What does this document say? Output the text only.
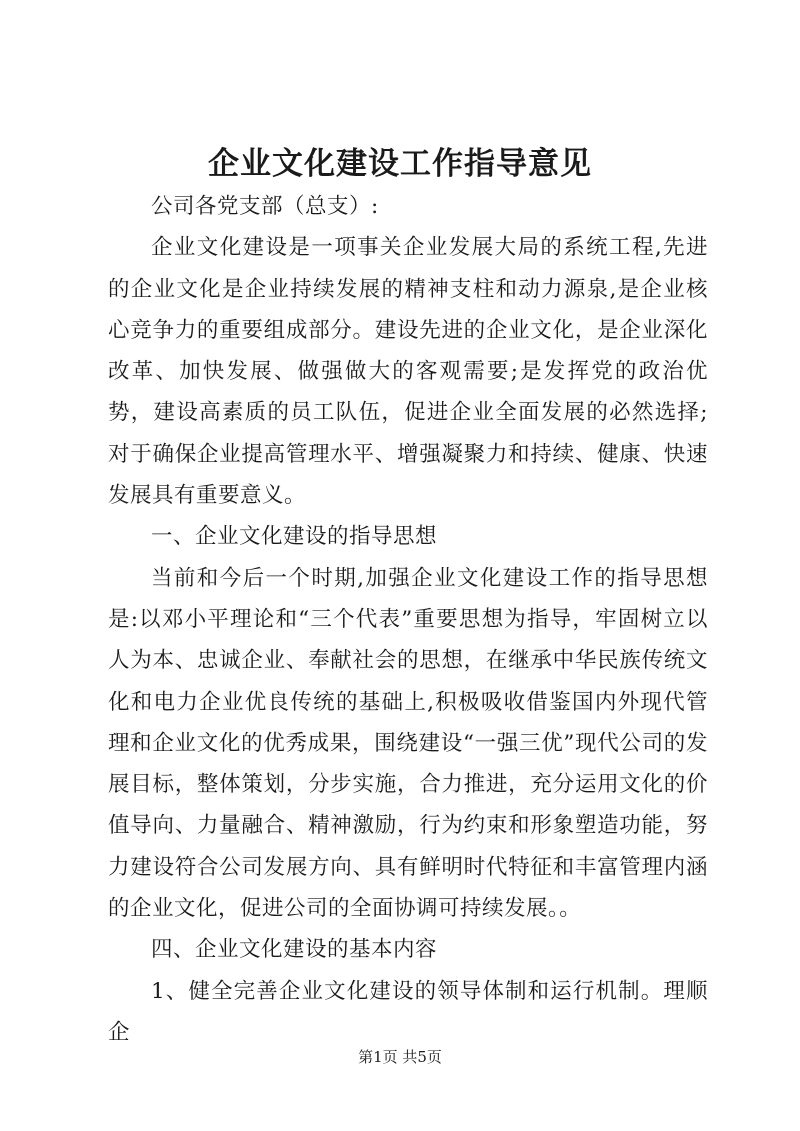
企业文化建设工作指导意见

公司各党支部（总支）:

企业文化建设是一项事关企业发展大局的系统工程,先进的企业文化是企业持续发展的精神支柱和动力源泉,是企业核心竞争力的重要组成部分。建设先进的企业文化，是企业深化改革、加快发展、做强做大的客观需要;是发挥党的政治优势，建设高素质的员工队伍，促进企业全面发展的必然选择;对于确保企业提高管理水平、增强凝聚力和持续、健康、快速发展具有重要意义。

一、企业文化建设的指导思想

当前和今后一个时期,加强企业文化建设工作的指导思想是:以邓小平理论和“三个代表”重要思想为指导，牢固树立以人为本、忠诚企业、奉献社会的思想，在继承中华民族传统文化和电力企业优良传统的基础上,积极吸收借鉴国内外现代管理和企业文化的优秀成果，围绕建设“一强三优”现代公司的发展目标，整体策划，分步实施，合力推进，充分运用文化的价值导向、力量融合、精神激励，行为约束和形象塑造功能，努力建设符合公司发展方向、具有鲜明时代特征和丰富管理内涵的企业文化，促进公司的全面协调可持续发展。。

四、企业文化建设的基本内容

1、健全完善企业文化建设的领导体制和运行机制。理顺企

第1页 共5页
